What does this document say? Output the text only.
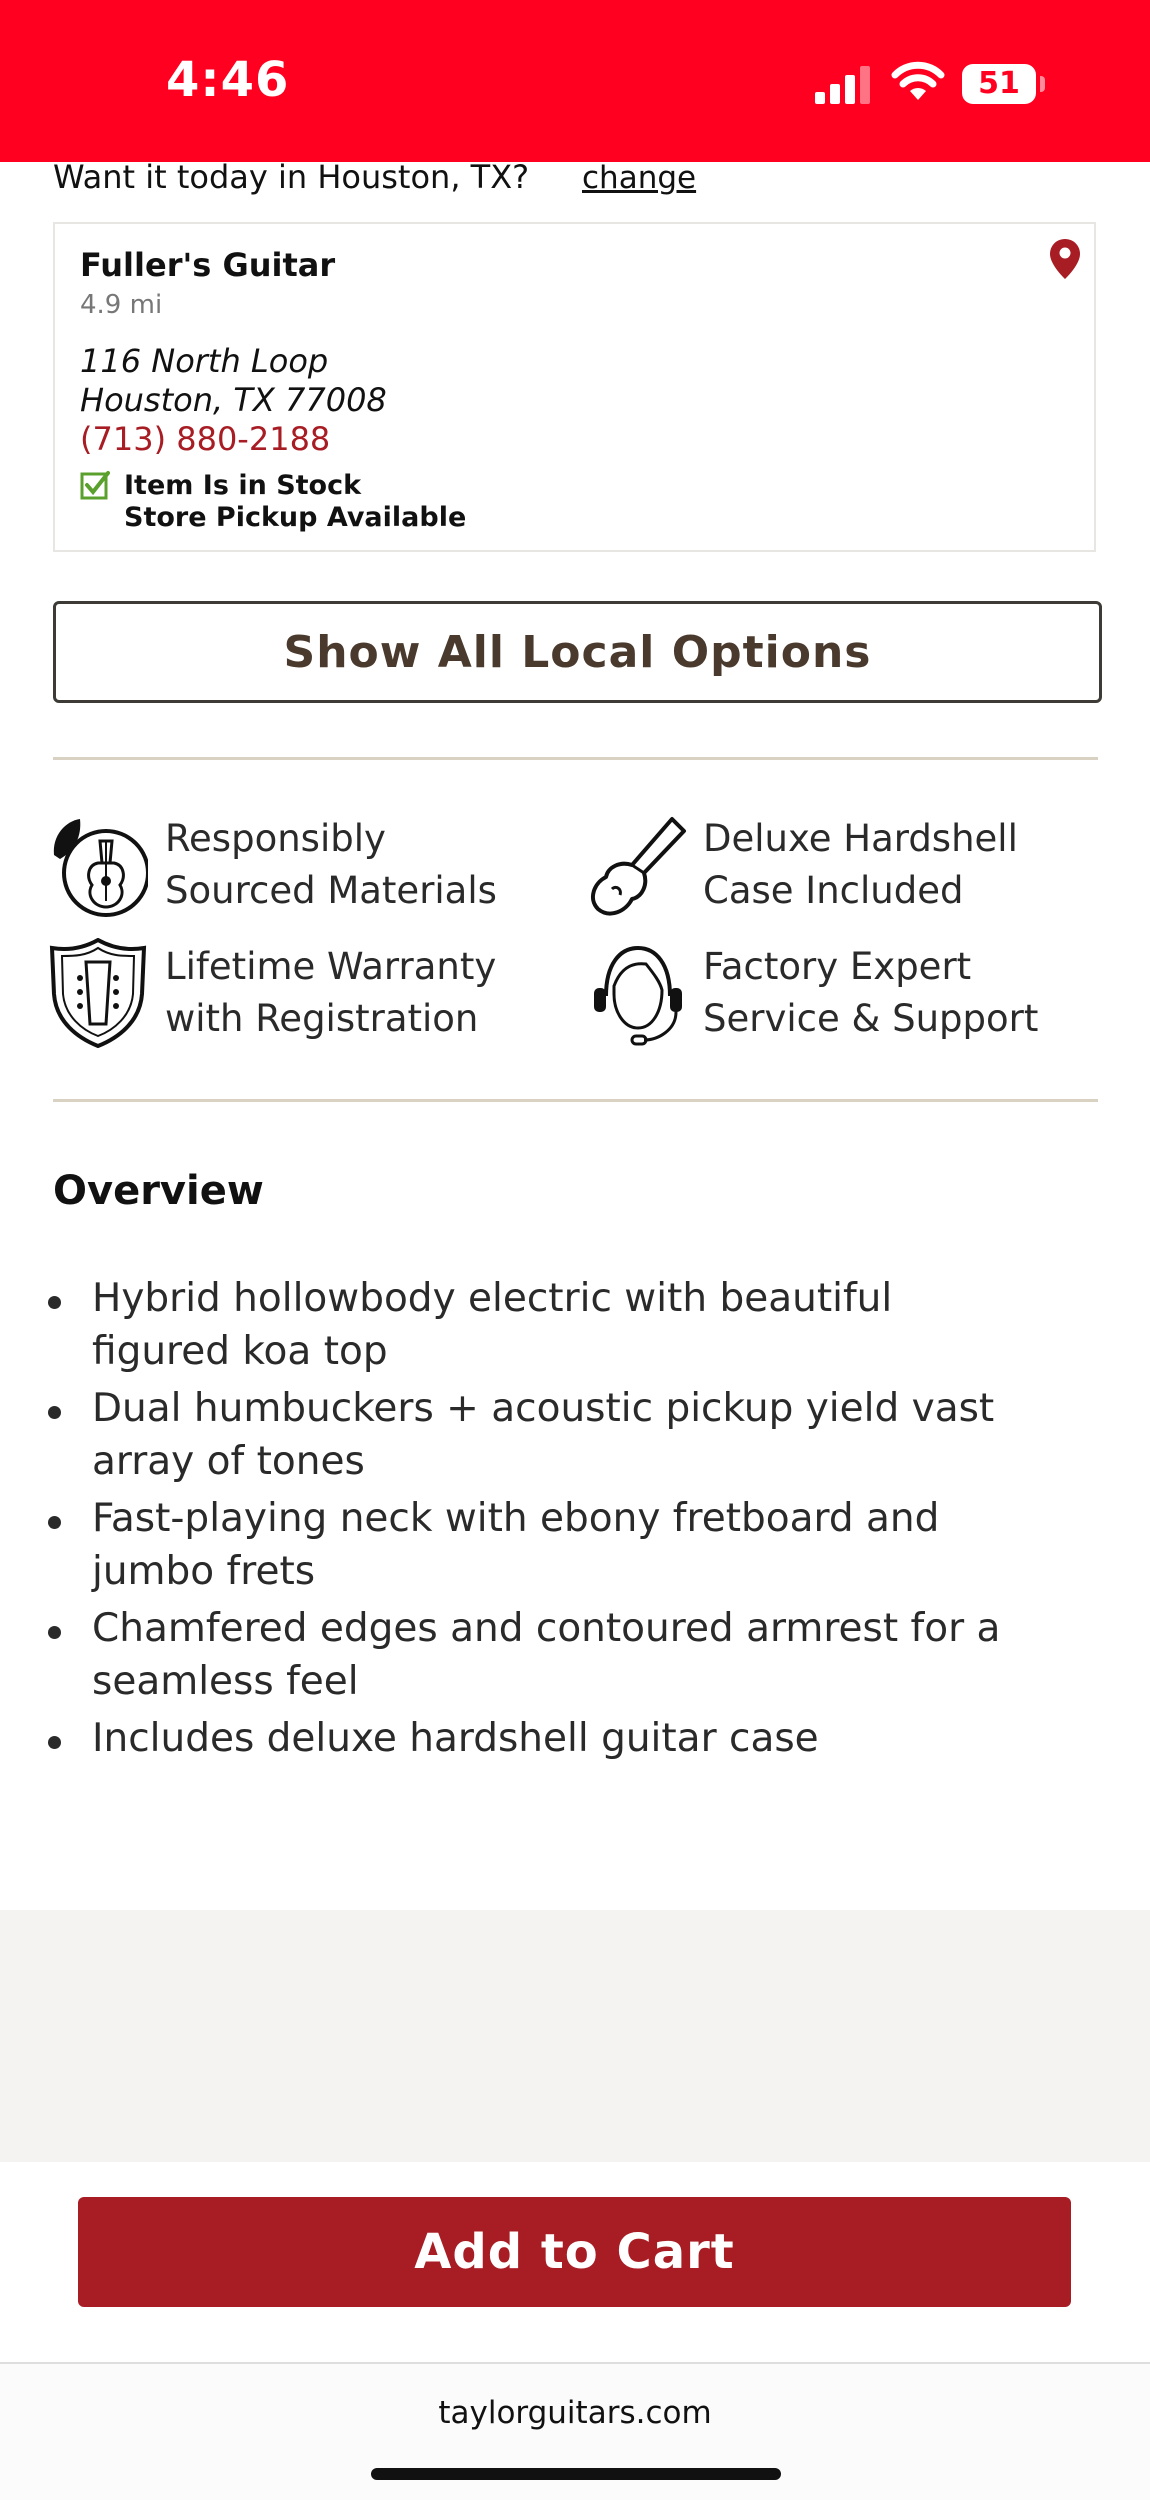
4:46	51
Want it today in Houston, TX? change
Fuller's Guitar
4.9 mi
116 North Loop
Houston, TX 77008
(713) 880-2188
Item Is in Stock
Store Pickup Available
Show All Local Options
Responsibly
Sourced Materials
Deluxe Hardshell
Case Included
Lifetime Warranty
with Registration
Factory Expert
Service & Support
Overview
Hybrid hollowbody electric with beautiful
figured koa top
Dual humbuckers + acoustic pickup yield vast
array of tones
Fast-playing neck with ebony fretboard and
jumbo frets
Chamfered edges and contoured armrest for a
seamless feel
Includes deluxe hardshell guitar case
Add to Cart
taylorguitars.com
